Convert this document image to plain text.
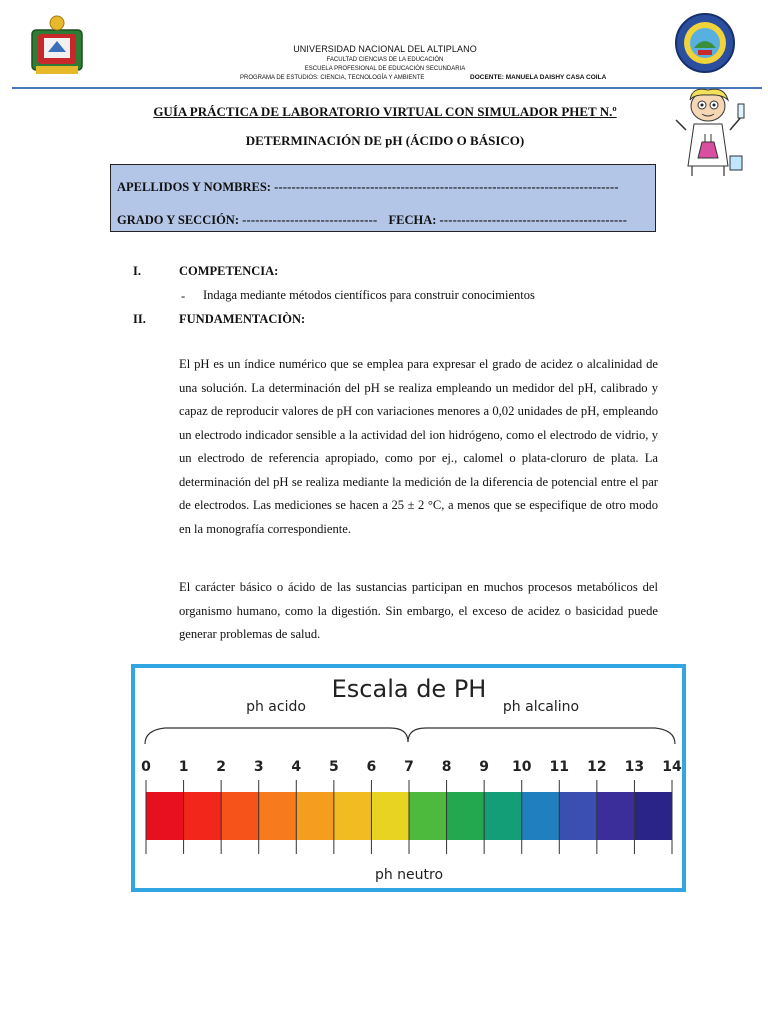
UNIVERSIDAD NACIONAL DEL ALTIPLANO
FACULTAD CIENCIAS DE LA EDUCACIÓN
ESCUELA PROFESIONAL DE EDUCACIÓN SECUNDARIA
PROGRAMA DE ESTUDIOS: CIENCIA, TECNOLOGÍA Y AMBIENTE	DOCENTE: MANUELA DAISHY CASA COILA
GUÍA PRÁCTICA DE LABORATORIO VIRTUAL CON SIMULADOR PHET N.º
DETERMINACIÓN DE pH (ÁCIDO O BÁSICO)
APELLIDOS Y NOMBRES: -------------------------------------------------------------------------------
GRADO Y SECCIÓN: ------------------------------- FECHA: -------------------------------------------
I.	COMPETENCIA:
- Indaga mediante métodos científicos para construir conocimientos
II.	FUNDAMENTACIÒN:
El pH es un índice numérico que se emplea para expresar el grado de acidez o alcalinidad de una solución. La determinación del pH se realiza empleando un medidor del pH, calibrado y capaz de reproducir valores de pH con variaciones menores a 0,02 unidades de pH, empleando un electrodo indicador sensible a la actividad del ion hidrógeno, como el electrodo de vidrio, y un electrodo de referencia apropiado, como por ej., calomel o plata-cloruro de plata. La determinación del pH se realiza mediante la medición de la diferencia de potencial entre el par de electrodos. Las mediciones se hacen a 25 ± 2 °C, a menos que se especifique de otro modo en la monografía correspondiente.
El carácter básico o ácido de las sustancias participan en muchos procesos metabólicos del organismo humano, como la digestión. Sin embargo, el exceso de acidez o basicidad puede generar problemas de salud.
Escala de PH
ph acido	ph alcalino
0 1 2 3 4 5 6 7 8 9 10 11 12 13 14
ph neutro
